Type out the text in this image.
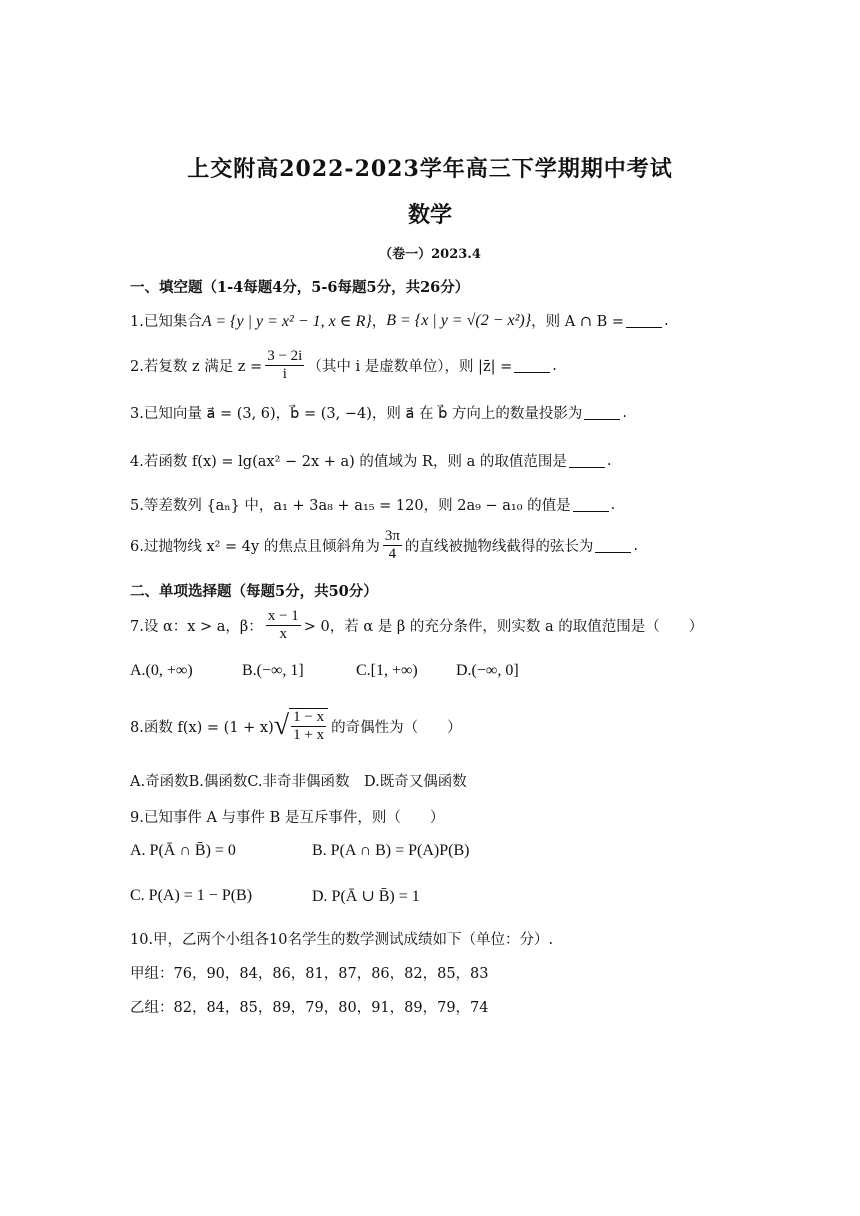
上交附高2022-2023学年高三下学期期中考试
数学
（卷一）2023.4
一、填空题（1-4每题4分，5-6每题5分，共26分）
1.已知集合 A = {y | y = x² − 1, x ∈ R} ， B = {x | y = √(2 − x²)} ，则 A ∩ B =	.
2.若复数 z 满足 $z = \frac{3 - 2i}{i}$ （其中 i 是虚数单位），则 |z̄| =	.
3.已知向量 a⃗ = (3, 6)，b⃗ = (3, −4)，则 a⃗ 在 b⃗ 方向上的数量投影为	.
4.若函数 f(x) = lg(ax² − 2x + a) 的值域为 R，则 a 的取值范围是	.
5.等差数列 {aₙ} 中，a₁ + 3a₈ + a₁₅ = 120，则 2a₉ − a₁₀ 的值是	.
6.过抛物线 x² = 4y 的焦点且倾斜角为 $\frac{3\pi}{4}$ 的直线被抛物线截得的弦长为	.
二、单项选择题（每题5分，共50分）
7.设 α：x > a，β： $\frac{x - 1}{x} > 0$，若 α 是 β 的充分条件，则实数 a 的取值范围是（　　）
A.(0, +∞)	B.(−∞, 1]	C.[1, +∞)	D.(−∞, 0]
8.函数 f(x) = (1 + x) √ $\frac{1 - x}{1 + x}$ 的奇偶性为（　　）
A.奇函数B.偶函数C.非奇非偶函数　D.既奇又偶函数
9.已知事件 A 与事件 B 是互斥事件，则（　　）
A. P(Ā ∩ B̄) = 0	B. P(A ∩ B) = P(A)P(B)
C. P(A) = 1 − P(B)	D. P(Ā ∪ B̄) = 1
10.甲，乙两个小组各10名学生的数学测试成绩如下（单位：分）.
甲组：76，90，84，86，81，87，86，82，85，83
乙组：82，84，85，89，79，80，91，89，79，74
